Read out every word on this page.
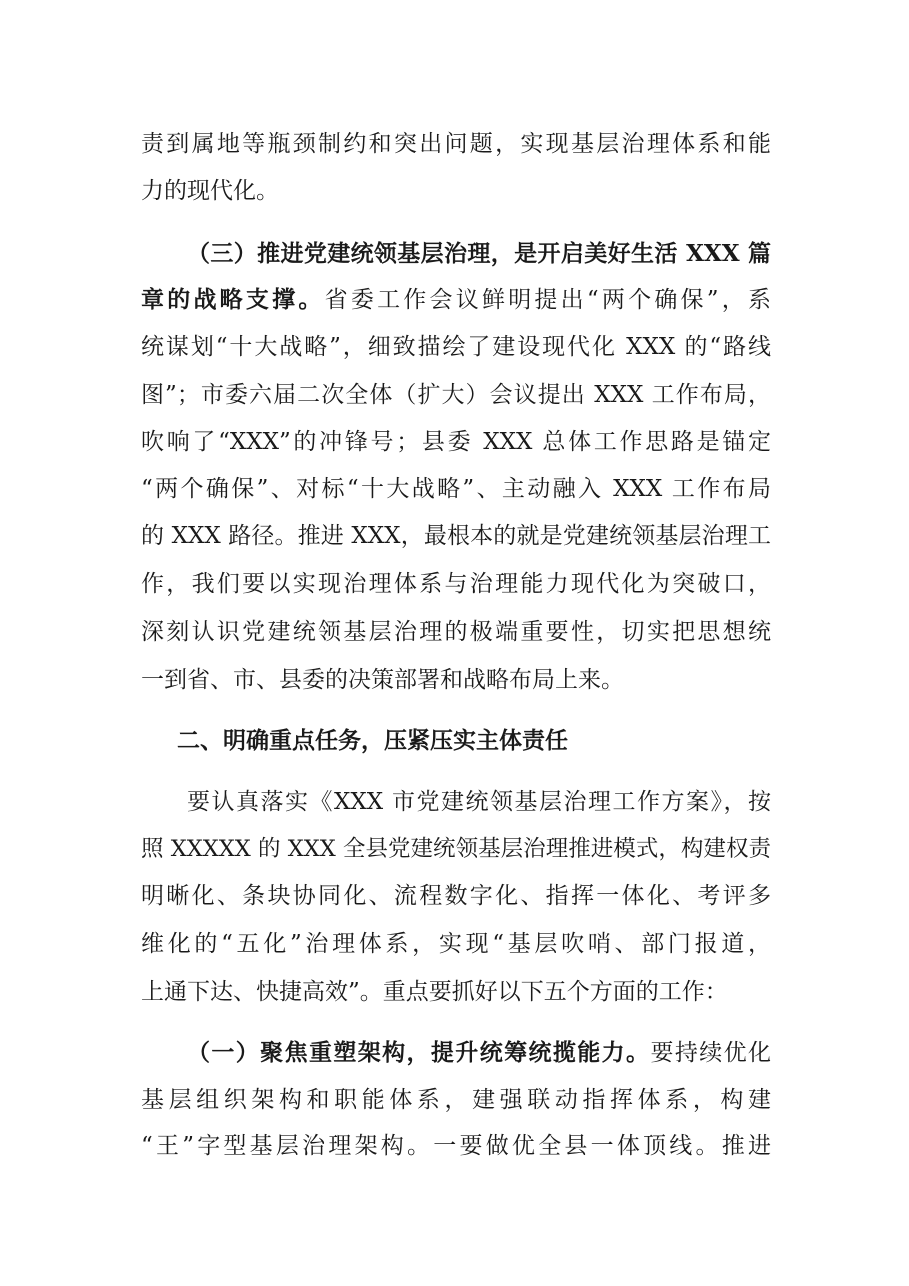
责到属地等瓶颈制约和突出问题，实现基层治理体系和能
力的现代化。
（三）推进党建统领基层治理，是开启美好生活 XXX 篇
章的战略支撑。省委工作会议鲜明提出“两个确保”，系
统谋划“十大战略”，细致描绘了建设现代化 XXX 的“路线
图”；市委六届二次全体（扩大）会议提出 XXX 工作布局，
吹响了“XXX”的冲锋号；县委 XXX 总体工作思路是锚定
“两个确保”、对标“十大战略”、主动融入 XXX 工作布局
的 XXX 路径。推进 XXX，最根本的就是党建统领基层治理工
作，我们要以实现治理体系与治理能力现代化为突破口，
深刻认识党建统领基层治理的极端重要性，切实把思想统
一到省、市、县委的决策部署和战略布局上来。
二、明确重点任务，压紧压实主体责任
要认真落实《XXX 市党建统领基层治理工作方案》，按
照 XXXXX 的 XXX 全县党建统领基层治理推进模式，构建权责
明晰化、条块协同化、流程数字化、指挥一体化、考评多
维化的“五化”治理体系，实现“基层吹哨、部门报道，
上通下达、快捷高效”。重点要抓好以下五个方面的工作：
（一）聚焦重塑架构，提升统筹统揽能力。要持续优化
基层组织架构和职能体系，建强联动指挥体系，构建
“王”字型基层治理架构。一要做优全县一体顶线。推进
